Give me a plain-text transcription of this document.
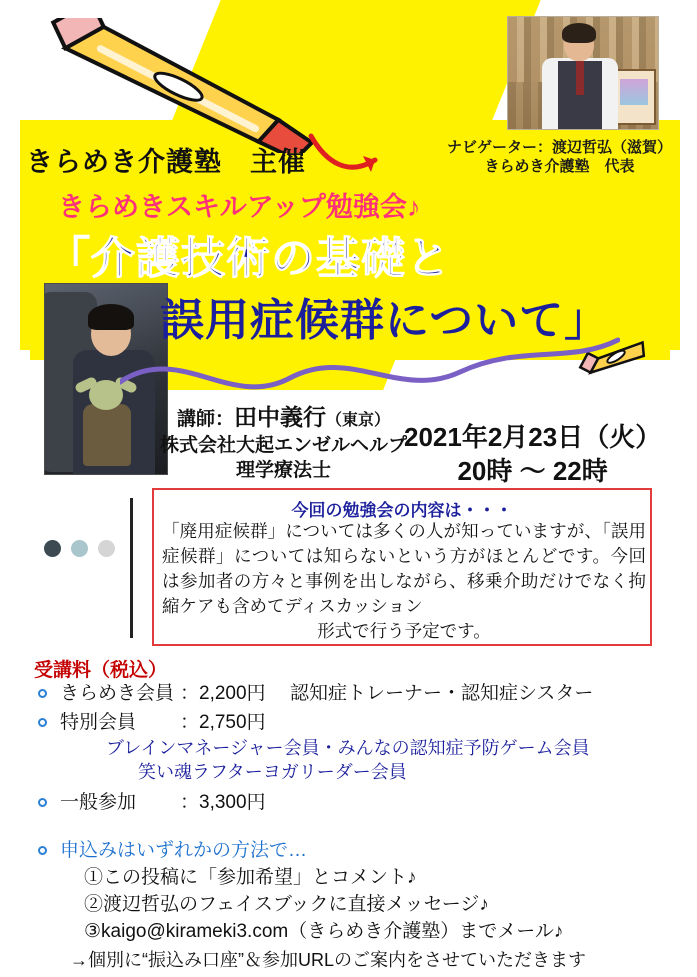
きらめき介護塾　主催	ナビゲーター：渡辺哲弘（滋賀）
きらめき介護塾　代表
きらめきスキルアップ勉強会♪
「介護技術の基礎と
誤用症候群について」
講師：田中義行（東京）
株式会社大起エンゼルヘルプ
理学療法士
2021年2月23日（火）
20時 ～ 22時
今回の勉強会の内容は・・・
「廃用症候群」については多くの人が知っていますが、「誤用症候群」については知らないという方がほとんどです。今回は参加者の方々と事例を出しながら、移乗介助だけでなく拘縮ケアも含めてディスカッション
形式で行う予定です。
受講料（税込）
きらめき会員 ：2,200円	認知症トレーナー・認知症シスター
特別会員	：2,750円
ブレインマネージャー会員・みんなの認知症予防ゲーム会員
笑い魂ラフターヨガリーダー会員
一般参加	：3,300円
申込みはいずれかの方法で…
①この投稿に「参加希望」とコメント♪
②渡辺哲弘のフェイスブックに直接メッセージ♪
③kaigo@kirameki3.com（きらめき介護塾）までメール♪
→個別に“振込み口座”＆参加URLのご案内をさせていただきます
